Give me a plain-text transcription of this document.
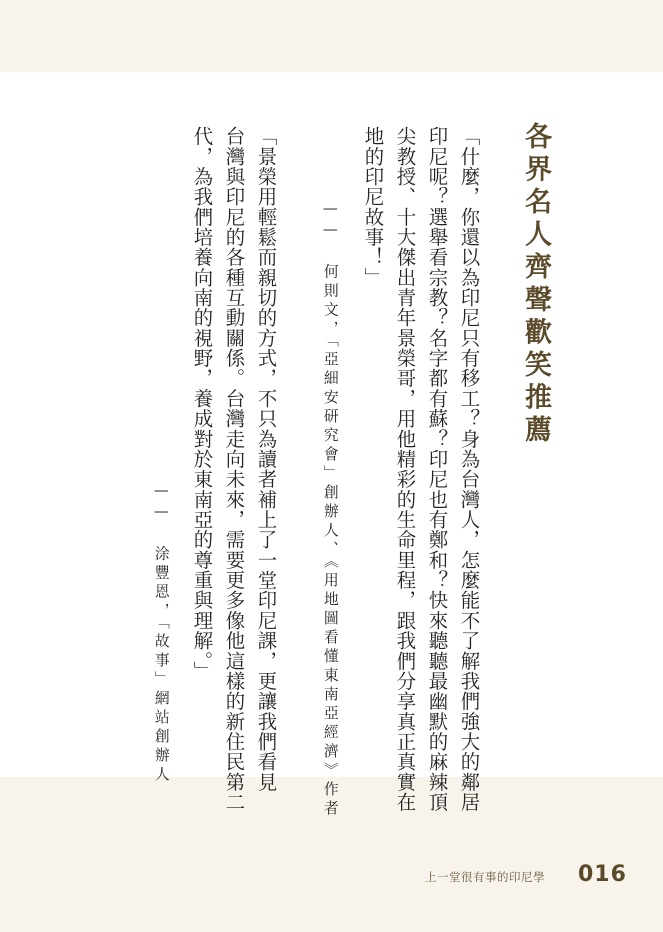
各界名人齊聲歡笑推薦
「什麼，你還以為印尼只有移工？身為台灣人，怎麼能不了解我們強大的鄰居
印尼呢？選舉看宗教？名字都有蘇？印尼也有鄭和？快來聽聽最幽默的麻辣頂
尖教授、十大傑出青年景榮哥，用他精彩的生命里程，跟我們分享真正真實在
地的印尼故事！」
—— 何則文，「亞細安研究會」創辦人、《用地圖看懂東南亞經濟》作者
「景榮用輕鬆而親切的方式，不只為讀者補上了一堂印尼課，更讓我們看見
台灣與印尼的各種互動關係。台灣走向未來，需要更多像他這樣的新住民第二
代，為我們培養向南的視野，養成對於東南亞的尊重與理解。」
—— 涂豐恩，「故事」網站創辦人
上一堂很有事的印尼學 016
